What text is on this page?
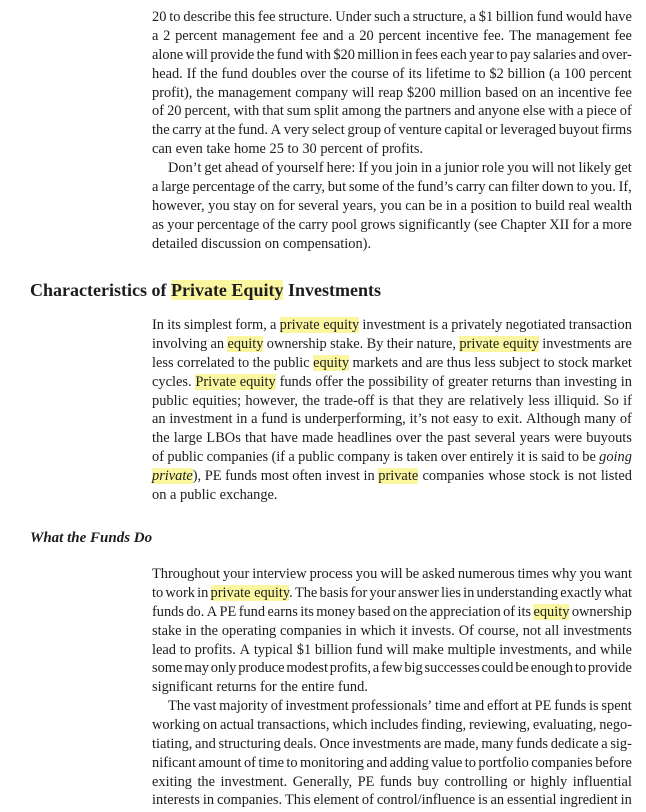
20 to describe this fee structure. Under such a structure, a $1 billion fund would have
a 2 percent management fee and a 20 percent incentive fee. The management fee
alone will provide the fund with $20 million in fees each year to pay salaries and over-
head. If the fund doubles over the course of its lifetime to $2 billion (a 100 percent
profit), the management company will reap $200 million based on an incentive fee
of 20 percent, with that sum split among the partners and anyone else with a piece of
the carry at the fund. A very select group of venture capital or leveraged buyout firms
can
even
take
home
25
to
30
percent
of
profits.
Don’t get ahead of yourself here: If you join in a junior role you will not likely get
a large percentage of the carry, but some of the fund’s carry can filter down to you. If,
however, you stay on for several years, you can be in a position to build real wealth
as your percentage of the carry pool grows significantly (see Chapter XII for a more
detailed
discussion
on
compensation).
In its simplest form, a private equity investment is a privately negotiated transaction
involving an equity ownership stake. By their nature, private equity investments are
less correlated to the public equity markets and are thus less subject to stock market
cycles. Private equity funds offer the possibility of greater returns than investing in
public equities; however, the trade-off is that they are relatively less illiquid. So if
an investment in a fund is underperforming, it’s not easy to exit. Although many of
the large LBOs that have made headlines over the past several years were buyouts
of public companies (if a public company is taken over entirely it is said to be going
private), PE funds most often invest in private companies whose stock is not listed
on
a
public
exchange.
Throughout your interview process you will be asked numerous times why you want
to work in private equity. The basis for your answer lies in understanding exactly what
funds do. A PE fund earns its money based on the appreciation of its equity ownership
stake in the operating companies in which it invests. Of course, not all investments
lead to profits. A typical $1 billion fund will make multiple investments, and while
some may only produce modest profits, a few big successes could be enough to provide
significant
returns
for
the
entire
fund.
The vast majority of investment professionals’ time and effort at PE funds is spent
working on actual transactions, which includes finding, reviewing, evaluating, nego-
tiating, and structuring deals. Once investments are made, many funds dedicate a sig-
nificant amount of time to monitoring and adding value to portfolio companies before
exiting the investment. Generally, PE funds buy controlling or highly influential
interests in companies. This element of control/influence is an essential ingredient in
Characteristics of Private Equity Investments
What the Funds Do
